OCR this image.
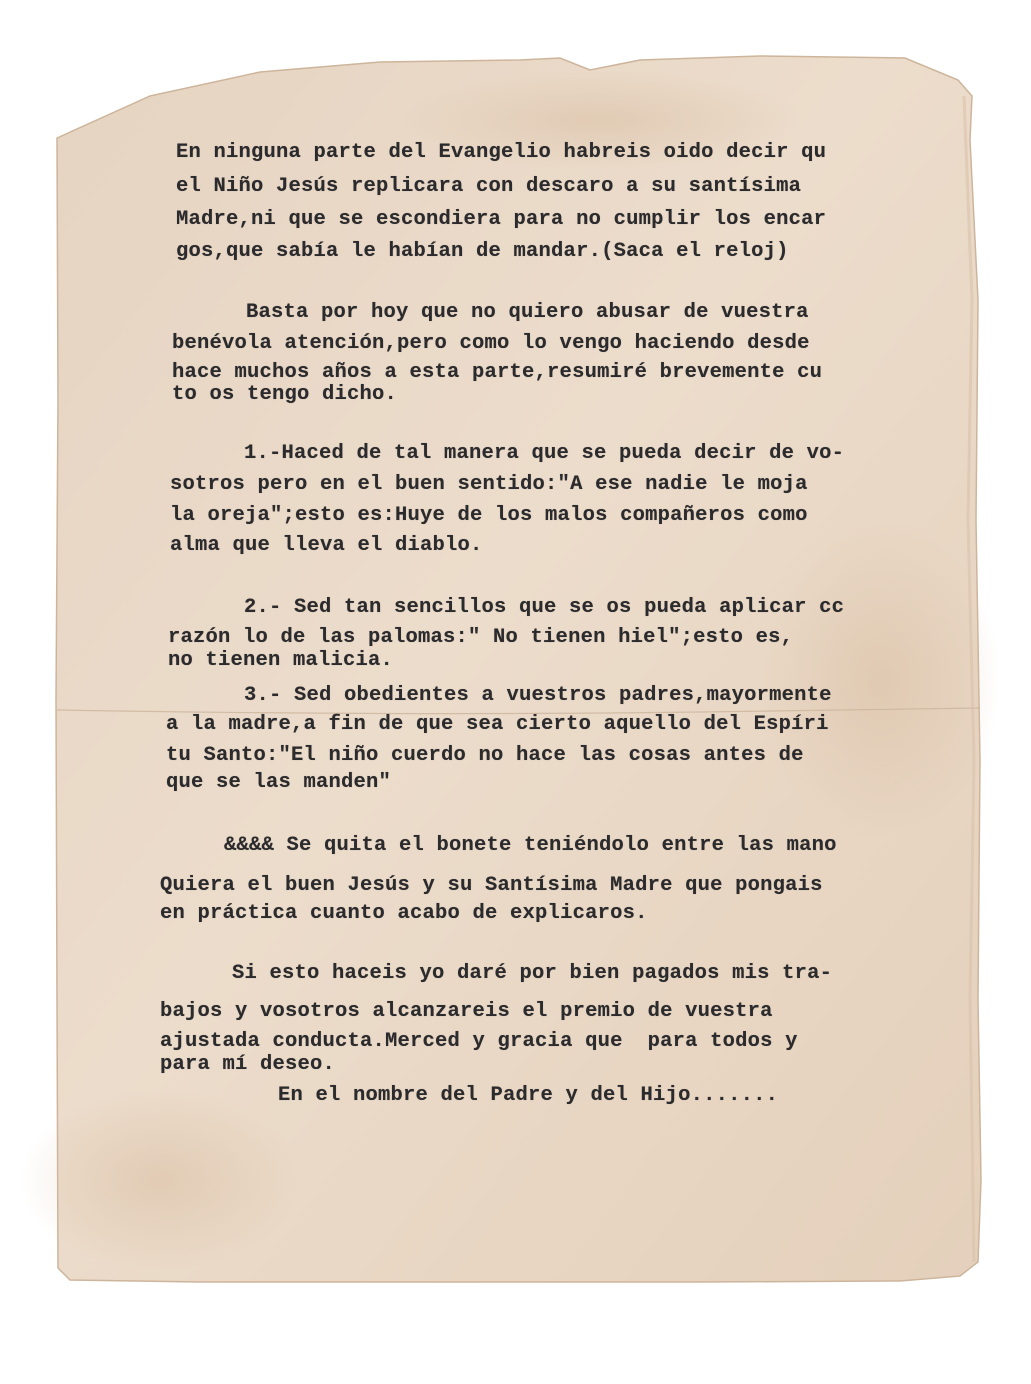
En ninguna parte del Evangelio habreis oido decir qu
el Niño Jesús replicara con descaro a su santísima
Madre,ni que se escondiera para no cumplir los encar
gos,que sabía le habían de mandar.(Saca el reloj)
Basta por hoy que no quiero abusar de vuestra
benévola atención,pero como lo vengo haciendo desde
hace muchos años a esta parte,resumiré brevemente cu
to os tengo dicho.
1.-Haced de tal manera que se pueda decir de vo-
sotros pero en el buen sentido:"A ese nadie le moja
la oreja";esto es:Huye de los malos compañeros como
alma que lleva el diablo.
2.- Sed tan sencillos que se os pueda aplicar cc
razón lo de las palomas:" No tienen hiel";esto es,
no tienen malicia.
3.- Sed obedientes a vuestros padres,mayormente
a la madre,a fin de que sea cierto aquello del Espíri
tu Santo:"El niño cuerdo no hace las cosas antes de
que se las manden"
&&&& Se quita el bonete teniéndolo entre las mano
Quiera el buen Jesús y su Santísima Madre que pongais
en práctica cuanto acabo de explicaros.
Si esto haceis yo daré por bien pagados mis tra-
bajos y vosotros alcanzareis el premio de vuestra
ajustada conducta.Merced y gracia que  para todos y
para mí deseo.
En el nombre del Padre y del Hijo.......
